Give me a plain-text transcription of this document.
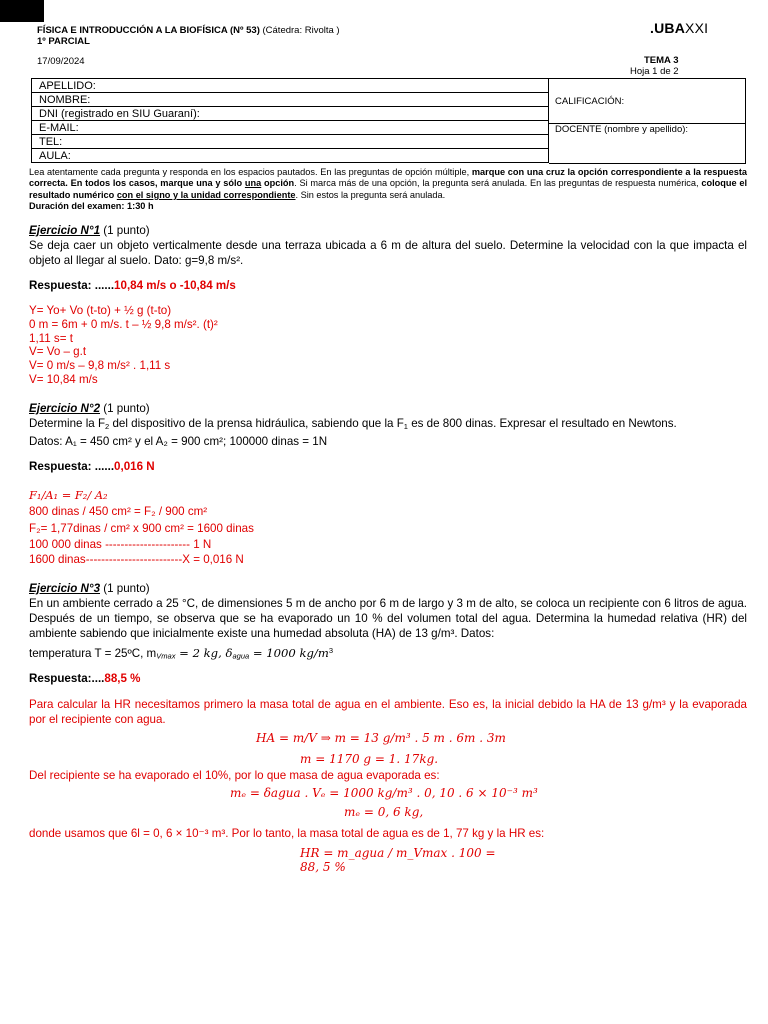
FÍSICA E INTRODUCCIÓN A LA BIOFÍSICA (Nº 53) (Cátedra: Rivolta )
1º PARCIAL
17/09/2024
.UBAXXI
TEMA 3
Hoja 1 de 2
APELLIDO:
NOMBRE:
DNI (registrado en SIU Guaraní):
E-MAIL:
TEL:
AULA:
CALIFICACIÓN:
DOCENTE (nombre y apellido):
Lea atentamente cada pregunta y responda en los espacios pautados. En las preguntas de opción múltiple, marque con una cruz la opción correspondiente a la respuesta correcta. En todos los casos, marque una y sólo una opción. Si marca más de una opción, la pregunta será anulada. En las preguntas de respuesta numérica, coloque el resultado numérico con el signo y la unidad correspondiente. Sin estos la pregunta será anulada.
Duración del examen: 1:30 h
Ejercicio N°1 (1 punto)
Se deja caer un objeto verticalmente desde una terraza ubicada a 6 m de altura del suelo. Determine la velocidad con la que impacta el objeto al llegar al suelo. Dato: g=9,8 m/s².
Respuesta: ......10,84 m/s o -10,84 m/s
Y= Yo+ Vo (t-to) + ½ g (t-to)
0 m = 6m + 0 m/s. t – ½ 9,8 m/s². (t)²
1,11 s= t
V= Vo – g.t
V= 0 m/s – 9,8 m/s² . 1,11 s
V= 10,84 m/s
Ejercicio N°2 (1 punto)
Determine la $F_2$ del dispositivo de la prensa hidráulica, sabiendo que la $F_1$ es de 800 dinas. Expresar el resultado en Newtons.
Datos: A₁ = 450 cm² y el A₂ = 900 cm²; 100000 dinas = 1N
Respuesta: ......0,016 N
F₁/A₁ = F₂/ A₂
800 dinas / 450 cm² = F₂ / 900 cm²
F₂= 1,77dinas / cm² x 900 cm² = 1600 dinas
100 000 dinas ---------------------- 1 N
1600 dinas-------------------------X = 0,016 N
Ejercicio N°3 (1 punto)
En un ambiente cerrado a 25 °C, de dimensiones 5 m de ancho por 6 m de largo y 3 m de alto, se coloca un recipiente con 6 litros de agua. Después de un tiempo, se observa que se ha evaporado un 10 % del volumen total del agua. Determina la humedad relativa (HR) del ambiente sabiendo que inicialmente existe una humedad absoluta (HA) de 13 g/m³. Datos:
temperatura T = 25ºC, $m_{Vmax} = 2$ kg, $\delta_{agua} = 1000$ $kg/m^3$
Respuesta:....88,5 %
Para calcular la HR necesitamos primero la masa total de agua en el ambiente. Eso es, la inicial debido la HA de 13 g/m³ y la evaporada por el recipiente con agua.
HA = m/V ⇒ m = 13 g/m³ . 5 m . 6m . 3m
m = 1170 g = 1. 17kg.
Del recipiente se ha evaporado el 10%, por lo que masa de agua evaporada es:
mₑ = δagua . Vₑ = 1000 kg/m³ . 0, 10 . 6 × 10⁻³ m³
mₑ = 0, 6 kg,
donde usamos que 6l = 0, 6 × 10⁻³ m³. Por lo tanto, la masa total de agua es de 1, 77 kg y la HR es:
HR = m_agua / m_Vmax . 100 = 88, 5 %
